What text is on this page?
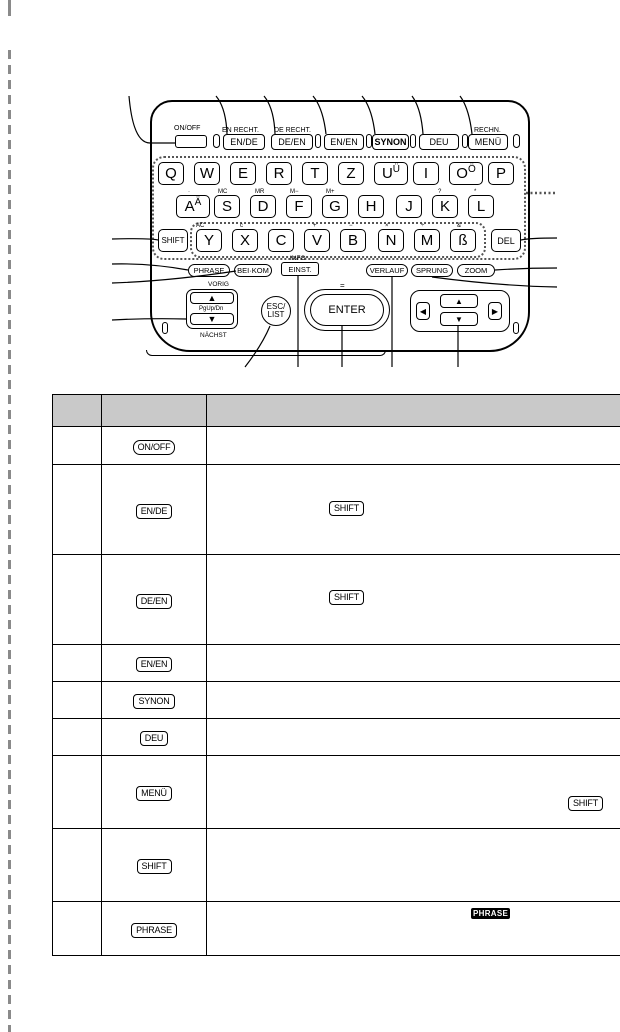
ON/OFF	EN RECHT. DE RECHT.	RECHN.
EN/DE	DE/EN	EN/EN	SYNON	DEU	MENÜ
Q	W	E	R	T	Z	U Ü	I	O Ö	P
·	MC	MR	M−	M+	?	*
A Ä	S	D	F	G	H	J	K	L
AC	c	+	−	×	÷	&
SHIFT	Y	X	C	V	B	N	M	ß	DEL
PHRASE	BEI·KOM
INFO
EINST.	VERLAUF	SPRUNG	ZOOM
VORIG
▲
PgUp/Dn
▼
NÄCHST
ESC/
LIST
=
ENTER	◀
▲
▼
▶

	ON/OFF	
	EN/DE	SHIFT

	DE/EN	SHIFT

	EN/EN	
	SYNON	
	DEU	
	MENÜ	SHIFT

	SHIFT	
	PHRASE	PHRASE
